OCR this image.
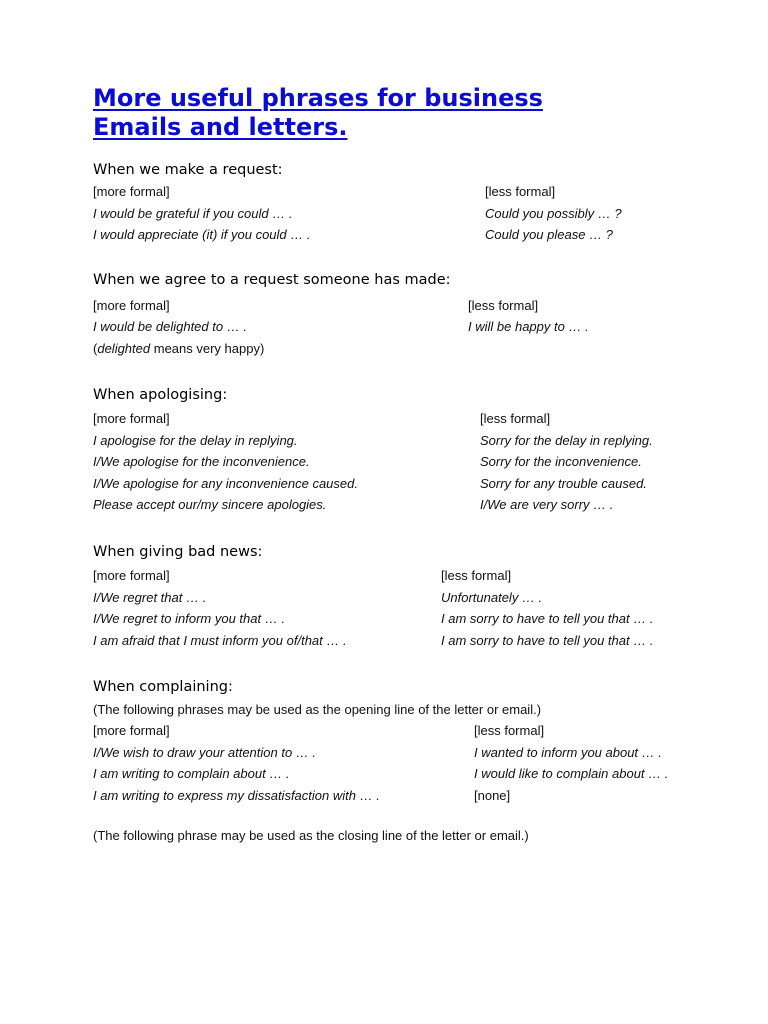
More useful phrases for business
Emails and letters.
When we make a request:
[more formal]	[less formal]
I would be grateful if you could … .	Could you possibly … ?
I would appreciate (it) if you could … .	Could you please … ?
When we agree to a request someone has made:
[more formal]	[less formal]
I would be delighted to … .	I will be happy to … .
(delighted means very happy)
When apologising:
[more formal]	[less formal]
I apologise for the delay in replying.	Sorry for the delay in replying.
I/We apologise for the inconvenience.	Sorry for the inconvenience.
I/We apologise for any inconvenience caused.	Sorry for any trouble caused.
Please accept our/my sincere apologies.	I/We are very sorry … .
When giving bad news:
[more formal]	[less formal]
I/We regret that … .	Unfortunately … .
I/We regret to inform you that … .	I am sorry to have to tell you that … .
I am afraid that I must inform you of/that … .	I am sorry to have to tell you that … .
When complaining:
(The following phrases may be used as the opening line of the letter or email.)
[more formal]	[less formal]
I/We wish to draw your attention to … .	I wanted to inform you about … .
I am writing to complain about … .	I would like to complain about … .
I am writing to express my dissatisfaction with … .	[none]
(The following phrase may be used as the closing line of the letter or email.)
